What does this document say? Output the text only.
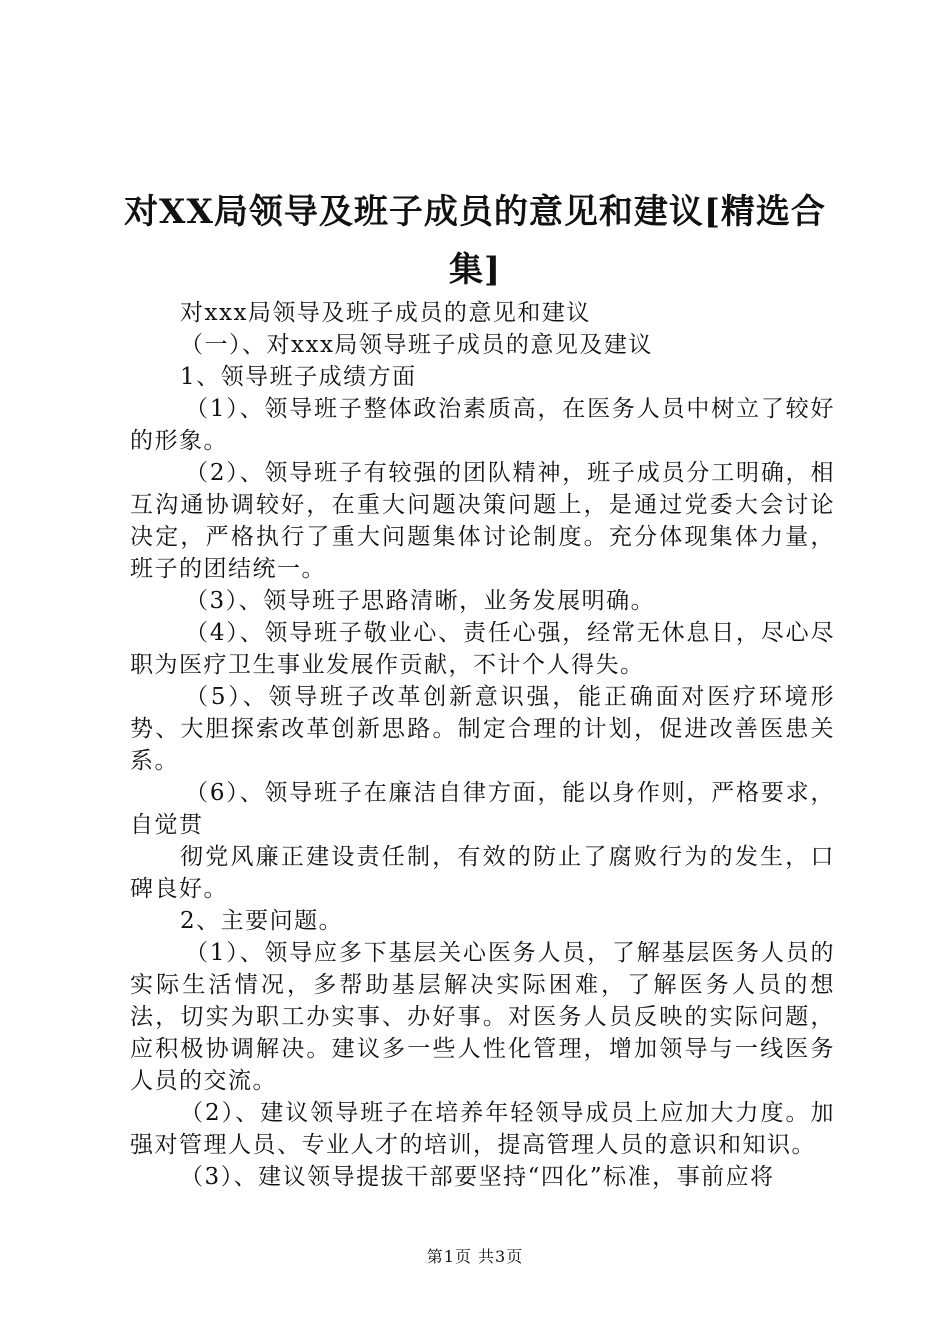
对XX局领导及班子成员的意见和建议[精选合集]

对xxx局领导及班子成员的意见和建议

（一）、对xxx局领导班子成员的意见及建议

1、领导班子成绩方面

（1）、领导班子整体政治素质高，在医务人员中树立了较好的形象。

（2）、领导班子有较强的团队精神，班子成员分工明确，相互沟通协调较好，在重大问题决策问题上，是通过党委大会讨论决定，严格执行了重大问题集体讨论制度。充分体现集体力量，班子的团结统一。

（3）、领导班子思路清晰，业务发展明确。

（4）、领导班子敬业心、责任心强，经常无休息日，尽心尽职为医疗卫生事业发展作贡献，不计个人得失。

（5）、领导班子改革创新意识强，能正确面对医疗环境形势、大胆探索改革创新思路。制定合理的计划，促进改善医患关系。

（6）、领导班子在廉洁自律方面，能以身作则，严格要求，自觉贯

彻党风廉正建设责任制，有效的防止了腐败行为的发生，口碑良好。

2、主要问题。

（1）、领导应多下基层关心医务人员，了解基层医务人员的实际生活情况，多帮助基层解决实际困难，了解医务人员的想法，切实为职工办实事、办好事。对医务人员反映的实际问题，应积极协调解决。建议多一些人性化管理，增加领导与一线医务人员的交流。

（2）、建议领导班子在培养年轻领导成员上应加大力度。加强对管理人员、专业人才的培训，提高管理人员的意识和知识。

（3）、建议领导提拔干部要坚持“四化”标准，事前应将

第1页 共3页
